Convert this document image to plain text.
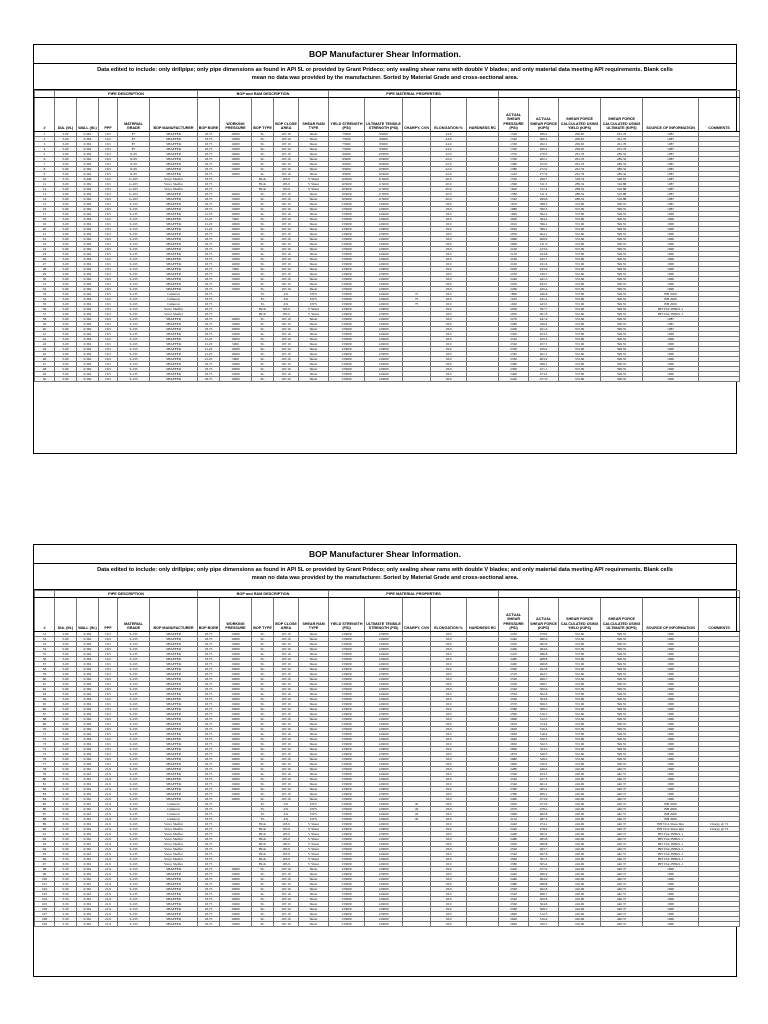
BOP Manufacturer Shear Information.
Data edited to include: only drillpipe; only pipe dimensions as found in API 5L or provided by Grant Prideco; only sealing shear rams with double V blades; and only material data meeting API requirements. Blank cells mean no data was provided by the manufacturer. Sorted by Material Grade and cross-sectional area.
	PIPE DESCRIPTION					BOP and RAM DESCRIPTION					PIPE MATERIAL PROPERTIES										
#	DIA. (IN.)	WALL (IN.)	PPF	MATERIAL GRADE	BOP MANUFACTURER	BOP BORE	WORKING PRESSURE	BOP TYPE	BOP CLOSE AREA	SHEAR RAM TYPE	YIELD STRENGTH (PSI)	ULTIMATE TENSILE STRENGTH (PSI)	CHARPY, CVN	ELONGATION %	HARDNESS RC	ACTUAL SHEAR PRESSURE (PSI)	ACTUAL SHEAR FORCE (KIPS)	SHEAR FORCE CALCULATED USING YIELD (KIPS)	SHEAR FORCE CALCULATED USING ULTIMATE (KIPS)	SOURCE OF INFORMATION	COMMENTS
1	5.00	0.362	19.5	E7	SHAFFER	18.75	10000	SL	197.10	Shear	75000	95000		24.0		1320	260.2	206.65	261.76	1987	
2	5.00	0.362	19.5	E7	SHAFFER	18.75	15000	SL	197.10	Shear	75000	95000		24.0		1320	260.2	206.65	261.76	1987	
3	5.00	0.362	19.5	E7	SHAFFER	18.75	10000	SL	197.10	Shear	75000	95000		24.0		1330	262.1	206.65	261.76	1987	
4	5.00	0.362	19.5	E7	SHAFFER	18.75	15000	SL	197.10	Shear	75000	95000		24.0		1320	260.2	206.65	261.76	1987	
5	5.00	0.362	19.5	X-95	SHAFFER	18.75	10000	SL	197.10	Shear	95000	105000		22.0		1370	270.0	261.76	289.32	1987	
6	5.00	0.362	19.5	X-95	SHAFFER	18.75	10000	SL	197.10	Shear	95000	105000		22.0		1330	262.1	261.76	289.32	1987	
7	5.00	0.362	19.5	X-95	SHAFFER	18.75	15000	SL	197.10	Shear	95000	105000		22.0		1380	272.0	261.76	289.32	1987	
8	5.00	0.362	19.5	X-95	SHAFFER	18.75	15000	SL	197.10	Shear	95000	105000		22.0		1380	272.0	261.76	289.32	1987	
9	5.00	0.362	19.5	X-95	SHAFFER	18.75	10000	SL	197.10	Shear	95000	105000		22.0		1410	277.9	261.76	289.32	1987	
10	5.50	0.449	19.5	G-105	Varco Shaffer	18.75		BLK	195.9	V Shear	105000	115000		20.0		1530	299.7	318.33	348.65	1987	
11	5.00	0.362	19.5	G-105	Varco Shaffer	18.75		BLK	195.9	V Shear	105000	115000		20.0		1590	311.5	289.32	316.88	1987	
12	5.00	0.362	19.5	G-105	Varco Shaffer	18.75		BLK	195.9	V Shear	105000	115000		20.0		1620	317.4	289.32	316.88	1987	
13	5.00	0.362	19.5	G-105	SHAFFER	18.75	10000	SL	197.10	Shear	105000	115000		20.0		1580	311.4	289.32	316.88	1987	
14	5.00	0.362	19.5	G-105	SHAFFER	18.75	15000	SL	197.10	Shear	105000	115000		20.0		1520	299.6	289.32	316.88	1987	
15	5.00	0.362	19.5	S-135	SHAFFER	18.75	10000	SL	197.10	Shear	135000	145000		18.0		1970	388.3	372.00	399.55	1987	
16	5.00	0.362	19.5	S-135	SHAFFER	18.75	15000	SL	197.10	Shear	135000	145000		18.0		1980	390.3	372.00	399.55	1987	
17	5.00	0.362	19.5	S-135	SHAFFER	21.25	10000	SL	197.10	Shear	135000	145000		18.0		1990	392.2	372.00	399.55	1990	
18	5.00	0.362	19.5	S-135	SHAFFER	21.25	5000	SL	197.10	Shear	135000	145000		18.0		2000	394.2	372.00	399.55	1990	
19	5.00	0.362	19.5	S-135	SHAFFER	21.25	10000	SL	197.10	Shear	135000	145000		18.0		2010	396.2	372.00	399.55	1990	
20	5.00	0.362	19.5	S-135	SHAFFER	21.25	10000	SL	197.10	Shear	135000	145000		18.0		2020	398.1	372.00	399.55	1990	
21	5.00	0.362	19.5	S-135	SHAFFER	18.75	10000	SL	197.10	Shear	135000	145000		18.0		2050	404.1	372.00	399.55	1990	
22	5.00	0.362	19.5	S-135	SHAFFER	18.75	15000	SL	197.10	Shear	135000	145000		18.0		2060	406.0	372.00	399.55	1990	
23	5.00	0.362	19.5	S-135	SHAFFER	18.75	10000	SL	197.10	Shear	135000	145000		18.0		2090	411.9	372.00	399.55	1990	
24	5.00	0.362	19.5	S-135	SHAFFER	18.75	15000	SL	197.10	Shear	135000	145000		18.0		2100	413.9	372.00	399.55	1990	
25	5.00	0.362	19.5	S-135	SHAFFER	18.75	10000	SL	197.10	Shear	135000	145000		18.0		2150	423.8	372.00	399.55	1990	
26	5.00	0.362	19.5	S-135	SHAFFER	18.75	15000	SL	197.10	Shear	135000	145000		18.0		2160	425.7	372.00	399.55	1990	
27	5.00	0.362	19.5	S-135	SHAFFER	18.75	10000	SL	197.10	Shear	135000	145000		18.0		2190	431.6	372.00	399.55	1990	
28	5.00	0.362	19.5	S-135	SHAFFER	18.75	5000	SL	197.10	Shear	135000	145000		18.0		2200	433.6	372.00	399.55	1990	
29	5.00	0.362	19.5	S-135	SHAFFER	18.75	10000	SL	197.10	Shear	135000	145000		18.0		2230	439.5	372.00	399.55	1990	
30	5.00	0.362	19.5	S-135	SHAFFER	18.75	15000	SL	197.10	Shear	135000	145000		18.0		2240	441.5	372.00	399.55	1990	
31	5.00	0.362	19.5	S-135	SHAFFER	18.75	10000	SL	197.10	Shear	135000	145000		18.0		2250	443.5	372.00	399.55	1990	
32	5.00	0.362	19.5	S-135	SHAFFER	18.75	15000	SL	197.10	Shear	135000	145000		18.0		2260	445.4	372.00	399.55	1990	
33	5.00	0.362	19.5	S-135	Cameron	18.75		TL	231	DVS	135000	145000	75	18.0		1890	436.6	372.00	399.55	BH 2009	
34	5.00	0.362	19.5	S-135	Cameron	18.75		TL	231	DVS	135000	145000	75	18.0		1910	441.2	372.00	399.55	BH 2009	
35	5.00	0.362	19.5	S-135	Cameron	18.75		TL	231	DVS	135000	145000	75	18.0		1920	443.5	372.00	399.55	BH 2009	
36	5.00	0.362	19.5	S-135	Varco Shaffer	18.75		BLK	195.9	V Shear	135000	145000		18.0		2030	397.7	372.00	399.55	BH VGL BHGS-1	
37	5.00	0.362	19.5	S-135	Varco Shaffer	18.75		BLK	195.9	V Shear	135000	145000		18.0		2050	401.6	372.00	399.55	BH VGL BHGS-1	
38	5.00	0.362	19.5	S-135	SHAFFER	18.75	10000	SL	197.10	Shear	135000	145000		18.0		2270	447.4	372.00	399.55	1987	
39	5.00	0.362	19.5	S-135	SHAFFER	18.75	15000	SL	197.10	Shear	135000	145000		18.0		2280	449.4	372.00	399.55	1987	
40	5.00	0.362	19.5	S-135	SHAFFER	18.75	10000	SL	197.10	Shear	135000	145000		18.0		2290	451.4	372.00	399.55	1987	
41	5.00	0.362	19.5	S-135	SHAFFER	18.75	15000	SL	197.10	Shear	135000	145000		18.0		2300	453.3	372.00	399.55	1990	
42	5.00	0.362	19.5	S-135	SHAFFER	21.25	10000	SL	197.10	Shear	135000	145000		18.0		2310	455.3	372.00	399.55	1990	
43	5.00	0.362	19.5	S-135	SHAFFER	21.25	5000	SL	197.10	Shear	135000	145000		18.0		2320	457.3	372.00	399.55	1990	
44	5.00	0.362	19.5	S-135	SHAFFER	21.25	10000	SL	197.10	Shear	135000	145000		18.0		2330	459.2	372.00	399.55	1990	
45	5.00	0.362	19.5	S-135	SHAFFER	21.25	10000	SL	197.10	Shear	135000	145000		18.0		2340	461.2	372.00	399.55	1990	
46	5.00	0.362	19.5	S-135	SHAFFER	21.25	5000	SL	197.10	Shear	135000	145000		18.0		2350	463.2	372.00	399.55	1990	
47	5.00	0.362	19.5	S-135	SHAFFER	18.75	15000	SL	197.10	Shear	135000	145000		18.0		2380	469.1	372.00	399.55	1990	
48	5.00	0.362	19.5	S-135	SHAFFER	18.75	10000	SL	197.10	Shear	135000	145000		18.0		2390	471.1	372.00	399.55	1990	
49	5.00	0.362	19.5	S-135	SHAFFER	18.75	15000	SL	197.10	Shear	135000	145000		18.0		2400	473.0	372.00	399.55	1990	
50	5.00	0.362	19.5	S-135	SHAFFER	18.75	10000	SL	197.10	Shear	135000	145000		18.0		2420	477.0	372.00	399.55	1990	
BOP Manufacturer Shear Information.
Data edited to include: only drillpipe; only pipe dimensions as found in API 5L or provided by Grant Prideco; only sealing shear rams with double V blades; and only material data meeting API requirements. Blank cells mean no data was provided by the manufacturer. Sorted by Material Grade and cross-sectional area.
	PIPE DESCRIPTION					BOP and RAM DESCRIPTION					PIPE MATERIAL PROPERTIES										
#	DIA. (IN.)	WALL (IN.)	PPF	MATERIAL GRADE	BOP MANUFACTURER	BOP BORE	WORKING PRESSURE	BOP TYPE	BOP CLOSE AREA	SHEAR RAM TYPE	YIELD STRENGTH (PSI)	ULTIMATE TENSILE STRENGTH (PSI)	CHARPY, CVN	ELONGATION %	HARDNESS RC	ACTUAL SHEAR PRESSURE (PSI)	ACTUAL SHEAR FORCE (KIPS)	SHEAR FORCE CALCULATED USING YIELD (KIPS)	SHEAR FORCE CALCULATED USING ULTIMATE (KIPS)	SOURCE OF INFORMATION	COMMENTS
51	5.00	0.362	19.5	S-135	SHAFFER	18.75	15000	SL	197.10	Shear	135000	145000		18.0		2430	479.0	372.00	399.55	1990	
52	5.00	0.362	19.5	S-135	SHAFFER	18.75	10000	SL	197.10	Shear	135000	145000		18.0		2440	480.9	372.00	399.55	1990	
53	5.00	0.362	19.5	S-135	SHAFFER	18.75	15000	SL	197.10	Shear	135000	145000		18.0		2450	482.9	372.00	399.55	1990	
54	5.00	0.362	19.5	S-135	SHAFFER	18.75	10000	SL	197.10	Shear	135000	145000		18.0		2460	484.9	372.00	399.55	1990	
55	5.00	0.362	19.5	S-135	SHAFFER	18.75	15000	SL	197.10	Shear	135000	145000		18.0		2470	486.8	372.00	399.55	1990	
56	5.00	0.362	19.5	S-135	SHAFFER	18.75	10000	SL	197.10	Shear	135000	145000		18.0		2480	488.8	372.00	399.55	1990	
57	5.00	0.362	19.5	S-135	SHAFFER	18.75	15000	SL	197.10	Shear	135000	145000		18.0		2490	490.8	372.00	399.55	1990	
58	5.00	0.362	19.5	S-135	SHAFFER	18.75	10000	SL	197.10	Shear	135000	145000		18.0		2500	492.8	372.00	399.55	1990	
59	5.00	0.362	19.5	S-135	SHAFFER	18.75	15000	SL	197.10	Shear	135000	145000		18.0		2510	494.7	372.00	399.55	1990	
60	5.00	0.362	19.5	S-135	SHAFFER	18.75	10000	SL	197.10	Shear	135000	145000		18.0		2520	496.7	372.00	399.55	1990	
61	5.00	0.362	19.5	S-135	SHAFFER	18.75	15000	SL	197.10	Shear	135000	145000		18.0		2530	498.7	372.00	399.55	1990	
62	5.00	0.362	19.5	S-135	SHAFFER	18.75	10000	SL	197.10	Shear	135000	145000		18.0		2540	500.6	372.00	399.55	1990	
63	5.00	0.362	19.5	S-135	SHAFFER	18.75	15000	SL	197.10	Shear	135000	145000		18.0		2550	502.6	372.00	399.55	1990	
64	5.00	0.362	19.5	S-135	SHAFFER	18.75	10000	SL	197.10	Shear	135000	145000		18.0		2560	504.6	372.00	399.55	1990	
65	5.00	0.362	19.5	S-135	SHAFFER	18.75	15000	SL	197.10	Shear	135000	145000		18.0		2570	506.5	372.00	399.55	1990	
66	5.00	0.362	19.5	S-135	SHAFFER	18.75	10000	SL	197.10	Shear	135000	145000		18.0		2580	508.5	372.00	399.55	1990	
67	5.00	0.362	19.5	S-135	SHAFFER	18.75	15000	SL	197.10	Shear	135000	145000		18.0		2590	510.5	372.00	399.55	1990	
68	5.00	0.362	19.5	S-135	SHAFFER	18.75	10000	SL	197.10	Shear	135000	145000		18.0		2600	512.5	372.00	399.55	1990	
69	5.00	0.362	19.5	S-135	SHAFFER	18.75	15000	SL	197.10	Shear	135000	145000		18.0		2610	514.4	372.00	399.55	1990	
70	5.00	0.362	19.5	S-135	SHAFFER	18.75	10000	SL	197.10	Shear	135000	145000		18.0		2620	516.4	372.00	399.55	1990	
71	5.00	0.362	19.5	S-135	SHAFFER	18.75	15000	SL	197.10	Shear	135000	145000		18.0		2630	518.4	372.00	399.55	1990	
72	5.00	0.362	19.5	S-135	SHAFFER	18.75	10000	SL	197.10	Shear	135000	145000		18.0		2640	520.3	372.00	399.55	1990	
73	5.00	0.362	19.5	S-135	SHAFFER	18.75	15000	SL	197.10	Shear	135000	145000		18.0		2650	522.3	372.00	399.55	1990	
74	5.00	0.362	19.5	S-135	SHAFFER	18.75	10000	SL	197.10	Shear	135000	145000		18.0		2660	524.3	372.00	399.55	1990	
75	5.00	0.362	19.5	S-135	SHAFFER	18.75	15000	SL	197.10	Shear	135000	145000		18.0		2670	526.3	372.00	399.55	1990	
76	5.00	0.362	19.5	S-135	SHAFFER	18.75	10000	SL	197.10	Shear	135000	145000		18.0		2680	528.2	372.00	399.55	1990	
77	5.00	0.362	19.5	S-135	SHAFFER	18.75	15000	SL	197.10	Shear	135000	145000		18.0		2690	530.2	372.00	399.55	1990	
78	5.50	0.361	21.9	S-135	SHAFFER	18.75	10000	SL	197.10	Shear	135000	145000		18.0		2280	449.4	410.00	440.37	1990	
79	5.50	0.361	21.9	S-135	SHAFFER	18.75	15000	SL	197.10	Shear	135000	145000		18.0		2300	453.3	410.00	440.37	1990	
80	5.50	0.361	21.9	S-135	SHAFFER	18.75	10000	SL	197.10	Shear	135000	145000		18.0		2320	457.3	410.00	440.37	1990	
81	5.50	0.361	21.9	S-135	SHAFFER	18.75	15000	SL	197.10	Shear	135000	145000		18.0		2340	461.2	410.00	440.37	1990	
82	5.50	0.361	21.9	S-135	SHAFFER	18.75	10000	SL	197.10	Shear	135000	145000		18.0		2360	465.2	410.00	440.37	1990	
83	5.50	0.361	21.9	S-135	SHAFFER	18.75	15000	SL	197.10	Shear	135000	145000		18.0		2380	469.1	410.00	440.37	1990	
84	5.50	0.361	21.9	S-135	SHAFFER	18.75	10000	SL	197.10	Shear	135000	145000		18.0		2400	473.0	410.00	440.37	1990	
85	5.50	0.361	21.9	S-135	Cameron	18.75		TL	231	DVS	135000	145000	45	18.0		2050	473.6	410.00	440.37	BH 2009	
86	5.50	0.361	21.9	S-135	Cameron	18.75		TL	231	DVS	135000	145000	45	18.0		2070	478.2	410.00	440.37	BH 2009	
87	5.50	0.361	21.9	S-135	Cameron	18.75		TL	231	DVS	135000	145000	45	18.0		2090	482.8	410.00	440.37	BH 2009	
88	5.50	0.361	21.9	S-135	Cameron	18.75		TL	231	DVS	135000	145000	45	18.0		2110	487.4	410.00	440.37	BH 2009	
89	5.50	0.361	21.9	S-135	Varco Shaffer	18.75		BLK	195.9	V Shear	135000	145000		18.0		2420	474.1	410.00	440.37	BH VGL Shear Rpt	Charpy @ 72
90	5.50	0.361	21.9	S-135	Varco Shaffer	18.75		BLK	195.9	V Shear	135000	145000		18.0		2440	478.0	410.00	440.37	BH VGL Shear Rpt	Charpy @ 72
91	5.50	0.361	21.9	S-135	Varco Shaffer	18.75		BLK	195.9	V Shear	135000	145000		18.0		2460	481.9	410.00	440.37	BH VGL BHGS-1	
92	5.50	0.361	21.9	S-135	Varco Shaffer	18.75		BLK	195.9	V Shear	135000	145000		18.0		2480	485.8	410.00	440.37	BH VGL BHGS-1	
93	5.50	0.361	21.9	S-135	Varco Shaffer	18.75		BLK	195.9	V Shear	135000	145000		18.0		2500	489.8	410.00	440.37	BH VGL BHGS-1	
94	5.50	0.361	21.9	S-135	Varco Shaffer	18.75		BLK	195.9	V Shear	135000	145000		18.0		2520	493.7	410.00	440.37	BH VGL BHGS-1	
95	5.50	0.361	21.9	S-135	Varco Shaffer	18.75		BLK	195.9	V Shear	135000	145000		18.0		2540	497.6	410.00	440.37	BH VGL BHGS-1	
96	5.50	0.361	21.9	S-135	Varco Shaffer	18.75		BLK	195.9	V Shear	135000	145000		18.0		2560	501.5	410.00	440.37	BH VGL BHGS-1	
97	5.50	0.361	21.9	S-135	Varco Shaffer	18.75		BLK	195.9	V Shear	135000	145000		18.0		2580	505.4	410.00	440.37	BH VGL BHGS-1	
98	5.50	0.361	21.9	S-135	SHAFFER	18.75	10000	SL	197.10	Shear	135000	145000		18.0		2420	477.0	410.00	440.37	1990	
99	5.50	0.361	21.9	S-135	SHAFFER	18.75	15000	SL	197.10	Shear	135000	145000		18.0		2440	480.9	410.00	440.37	1990	
100	5.50	0.361	21.9	S-135	SHAFFER	18.75	10000	SL	197.10	Shear	135000	145000		18.0		2460	484.9	410.00	440.37	1990	
101	5.50	0.361	21.9	S-135	SHAFFER	18.75	15000	SL	197.10	Shear	135000	145000		18.0		2480	488.8	410.00	440.37	1990	
102	5.50	0.361	21.9	S-135	SHAFFER	18.75	10000	SL	197.10	Shear	135000	145000		18.0		2500	492.8	410.00	440.37	1990	
103	5.50	0.361	21.9	S-135	SHAFFER	18.75	15000	SL	197.10	Shear	135000	145000		18.0		2520	496.7	410.00	440.37	1990	
104	5.50	0.361	21.9	S-135	SHAFFER	18.75	10000	SL	197.10	Shear	135000	145000		18.0		2540	500.6	410.00	440.37	1990	
105	5.50	0.361	21.9	S-135	SHAFFER	18.75	15000	SL	197.10	Shear	135000	145000		18.0		2560	504.6	410.00	440.37	1990	
106	5.50	0.361	21.9	S-135	SHAFFER	18.75	10000	SL	197.10	Shear	135000	145000		18.0		2580	508.5	410.00	440.37	1990	
107	5.50	0.361	21.9	S-135	SHAFFER	18.75	15000	SL	197.10	Shear	135000	145000		18.0		2600	512.5	410.00	440.37	1990	
108	5.50	0.361	21.9	S-135	SHAFFER	18.75	10000	SL	197.10	Shear	135000	145000		18.0		2620	516.4	410.00	440.37	1990	
109	5.50	0.361	21.9	S-135	SHAFFER	18.75	15000	SL	197.10	Shear	135000	145000		18.0		2640	520.3	410.00	440.37	1990	
